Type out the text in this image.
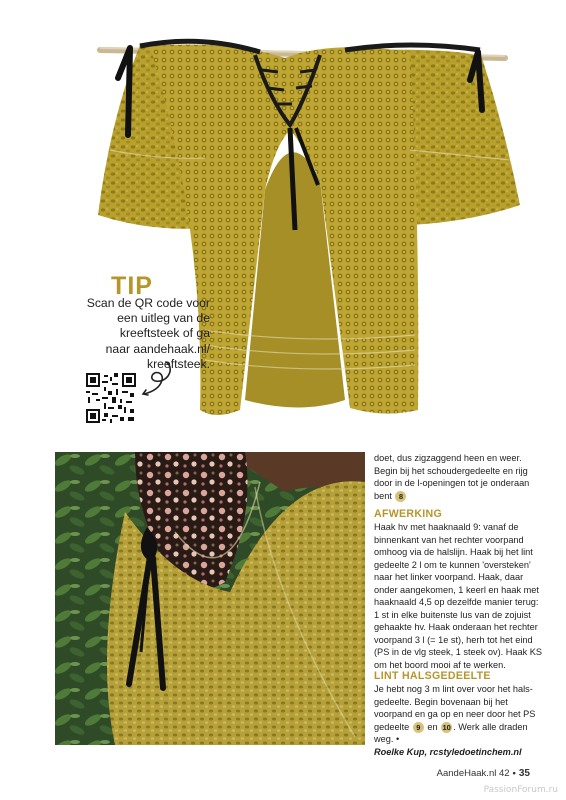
TIP
Scan de QR code voor
een uitleg van de
kreeftsteek of ga
naar aandehaak.nl/
kreeftsteek.
doet, dus zigzaggend heen en weer.
Begin bij het schoudergedeelte en rijg
door in de l-openingen tot je onderaan
bent 8
AFWERKING
Haak hv met haaknaald 9: vanaf de
binnenkant van het rechter voorpand
omhoog via de halslijn. Haak bij het lint
gedeelte 2 l om te kunnen 'oversteken'
naar het linker voorpand. Haak, daar
onder aangekomen, 1 keerl en haak met
haaknaald 4,5 op dezelfde manier terug:
1 st in elke buitenste lus van de zojuist
gehaakte hv. Haak onderaan het rechter
voorpand 3 l (= 1e st), herh tot het eind
(PS in de vlg steek, 1 steek ov). Haak KS
om het boord mooi af te werken.
LINT HALSGEDEELTE
Je hebt nog 3 m lint over voor het hals-
gedeelte. Begin bovenaan bij het
voorpand en ga op en neer door het PS
gedeelte 9 en 10 . Werk alle draden
weg. •
Roelke Kup, rcstyledoetinchem.nl
AandeHaak.nl 42 • 35
PassionForum.ru
